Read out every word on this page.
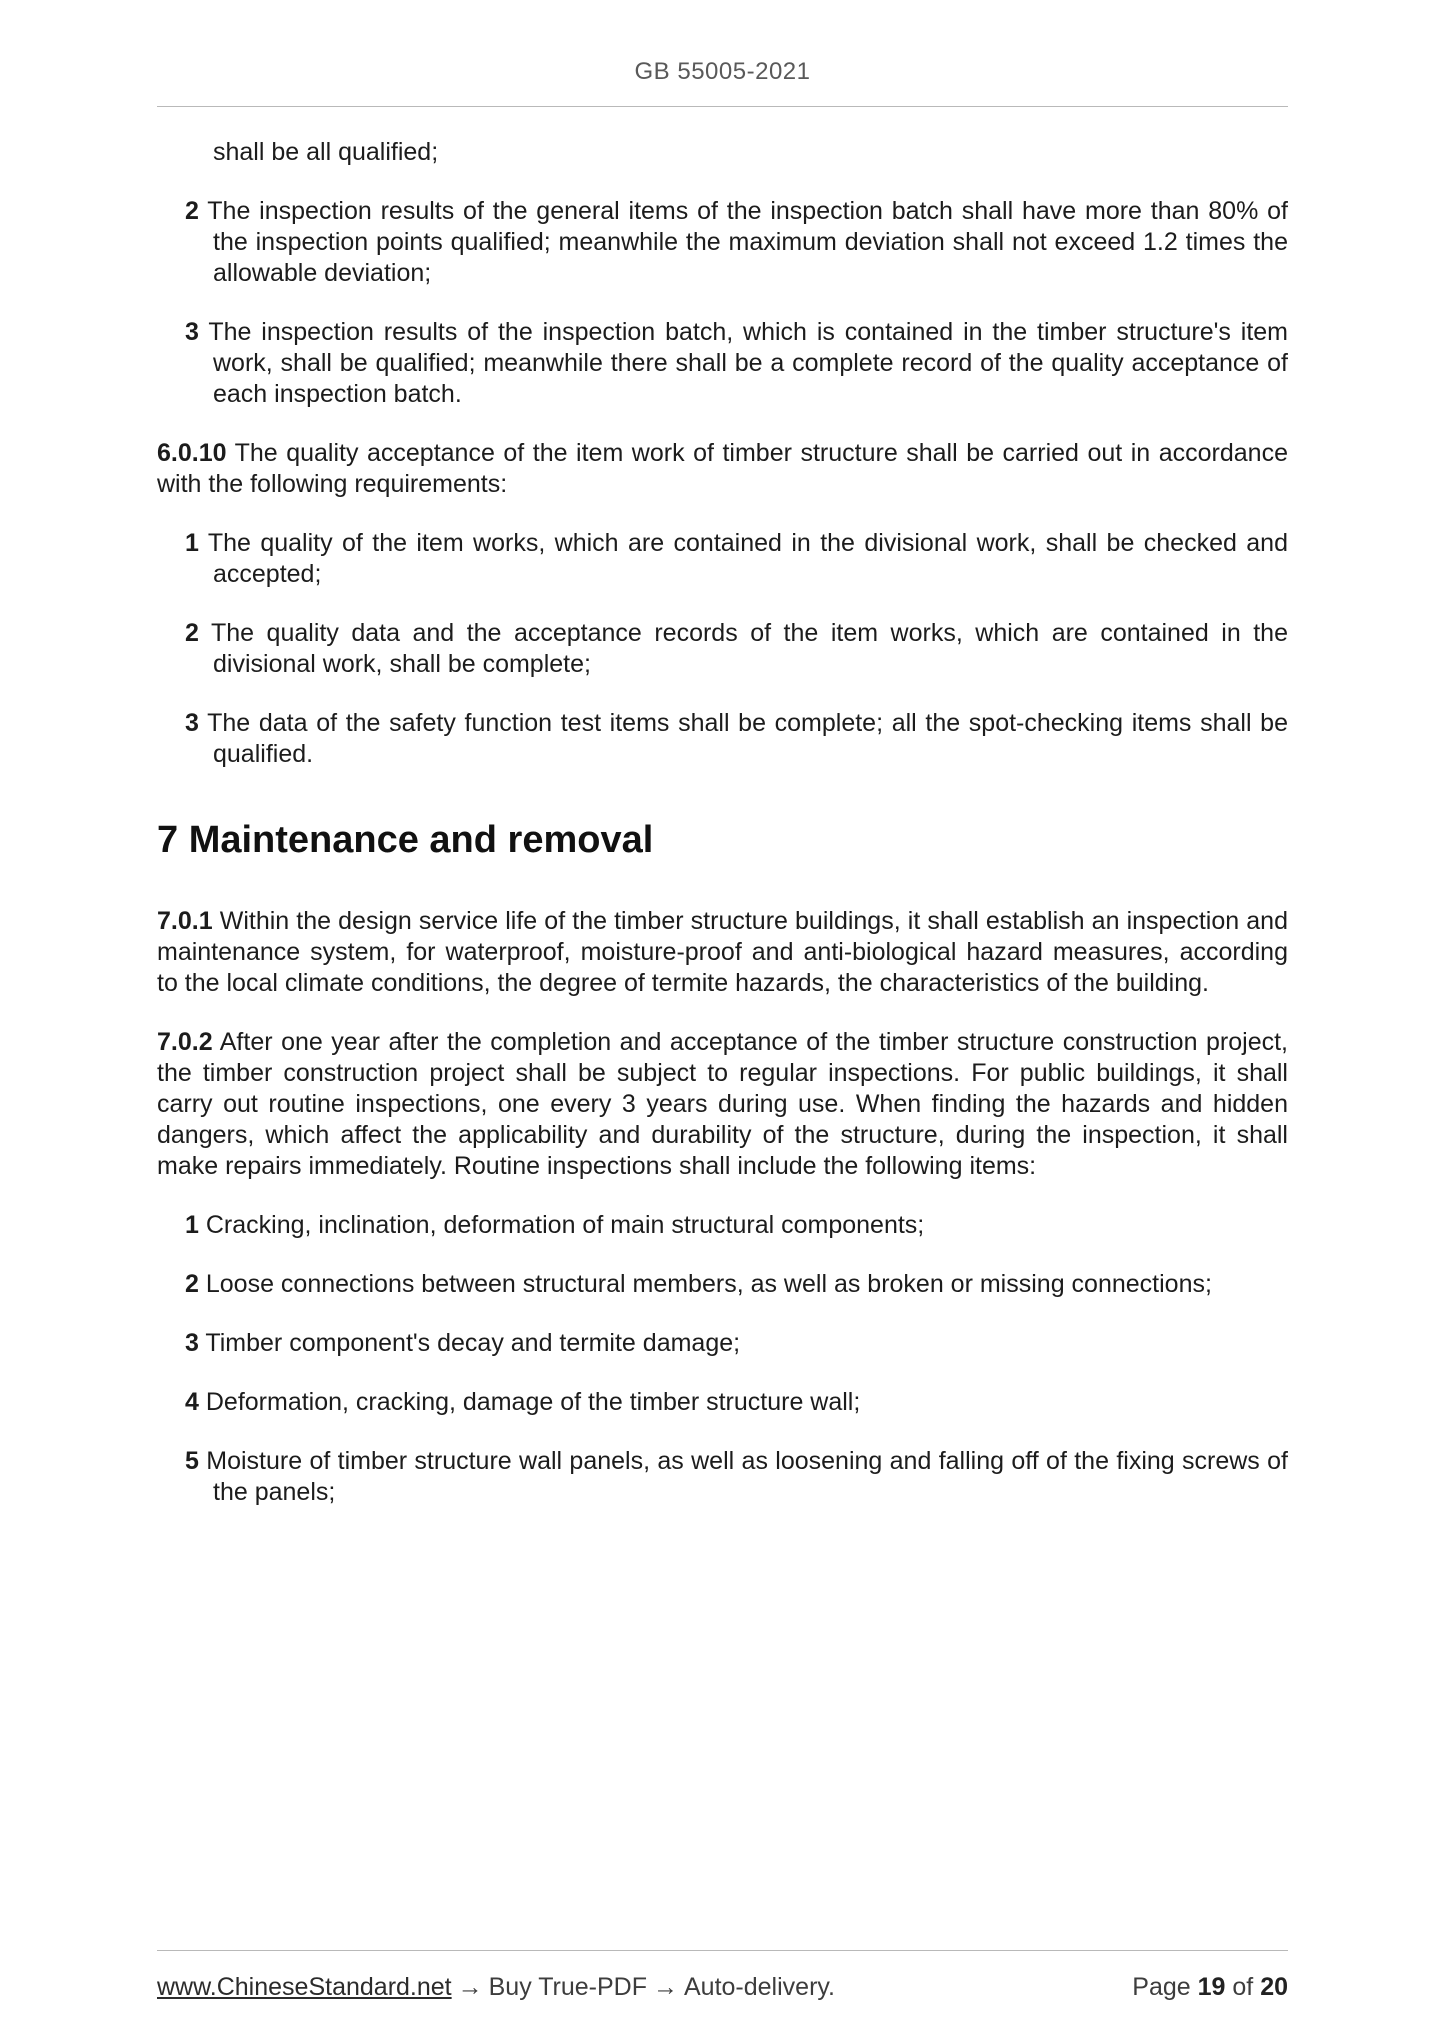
GB 55005-2021

shall be all qualified;

2 The inspection results of the general items of the inspection batch shall have more than 80% of the inspection points qualified; meanwhile the maximum deviation shall not exceed 1.2 times the allowable deviation;

3 The inspection results of the inspection batch, which is contained in the timber structure's item work, shall be qualified; meanwhile there shall be a complete record of the quality acceptance of each inspection batch.

6.0.10 The quality acceptance of the item work of timber structure shall be carried out in accordance with the following requirements:

1 The quality of the item works, which are contained in the divisional work, shall be checked and accepted;

2 The quality data and the acceptance records of the item works, which are contained in the divisional work, shall be complete;

3 The data of the safety function test items shall be complete; all the spot-checking items shall be qualified.

7 Maintenance and removal

7.0.1 Within the design service life of the timber structure buildings, it shall establish an inspection and maintenance system, for waterproof, moisture-proof and anti-biological hazard measures, according to the local climate conditions, the degree of termite hazards, the characteristics of the building.

7.0.2 After one year after the completion and acceptance of the timber structure construction project, the timber construction project shall be subject to regular inspections. For public buildings, it shall carry out routine inspections, one every 3 years during use. When finding the hazards and hidden dangers, which affect the applicability and durability of the structure, during the inspection, it shall make repairs immediately. Routine inspections shall include the following items:

1 Cracking, inclination, deformation of main structural components;

2 Loose connections between structural members, as well as broken or missing connections;

3 Timber component's decay and termite damage;

4 Deformation, cracking, damage of the timber structure wall;

5 Moisture of timber structure wall panels, as well as loosening and falling off of the fixing screws of the panels;

www.ChineseStandard.net → Buy True-PDF → Auto-delivery.	Page 19 of 20
